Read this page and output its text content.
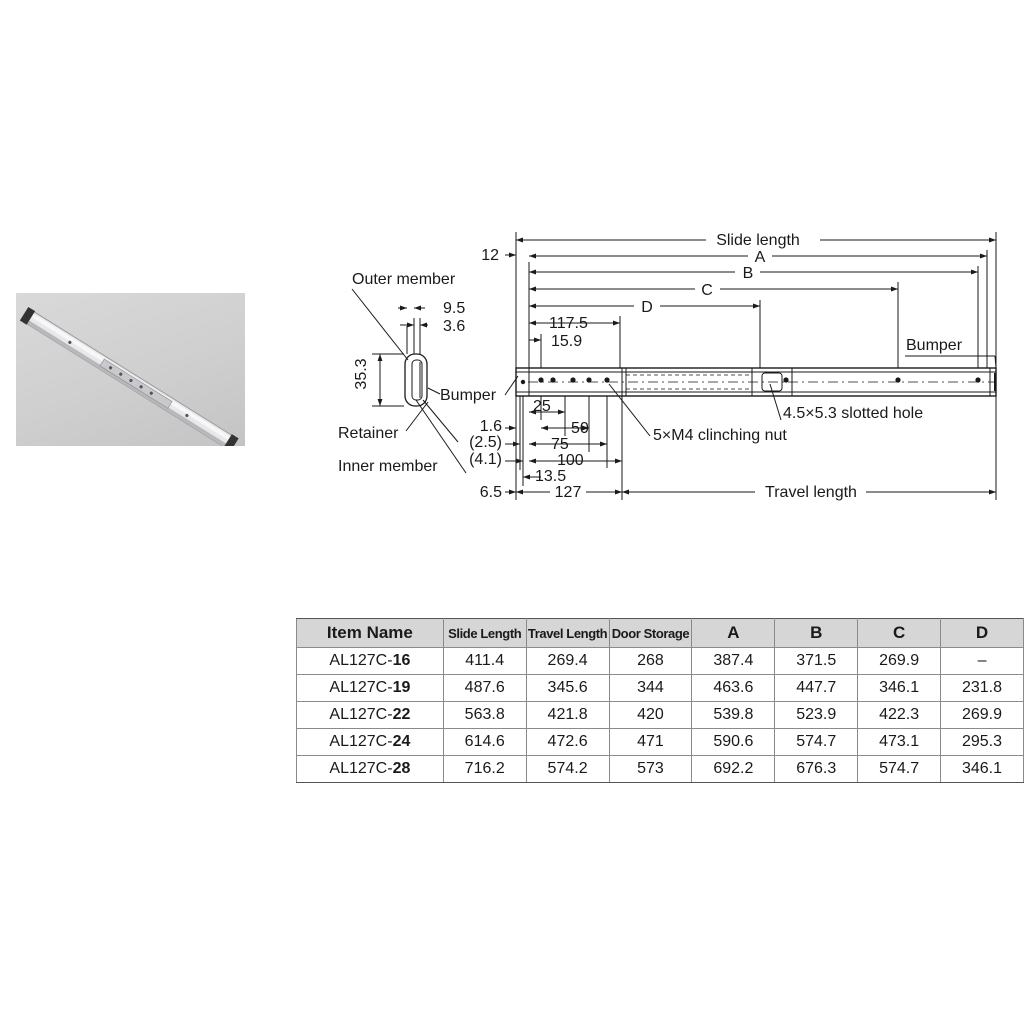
Slide length
A
B
C
D
Outer member
Bumper
Bumper
Retainer
Inner member
4.5×5.3 slotted hole
5×M4 clinching nut
Travel length
12
9.5
3.6
35.3
117.5
15.9
25
1.6	50
(2.5)	75
100
(4.1)
13.5
6.5	127
Item Name	Slide Length	Travel Length	Door Storage	A	B	C	D
AL127C-16	411.4	269.4	268	387.4	371.5	269.9	–
AL127C-19	487.6	345.6	344	463.6	447.7	346.1	231.8
AL127C-22	563.8	421.8	420	539.8	523.9	422.3	269.9
AL127C-24	614.6	472.6	471	590.6	574.7	473.1	295.3
AL127C-28	716.2	574.2	573	692.2	676.3	574.7	346.1
